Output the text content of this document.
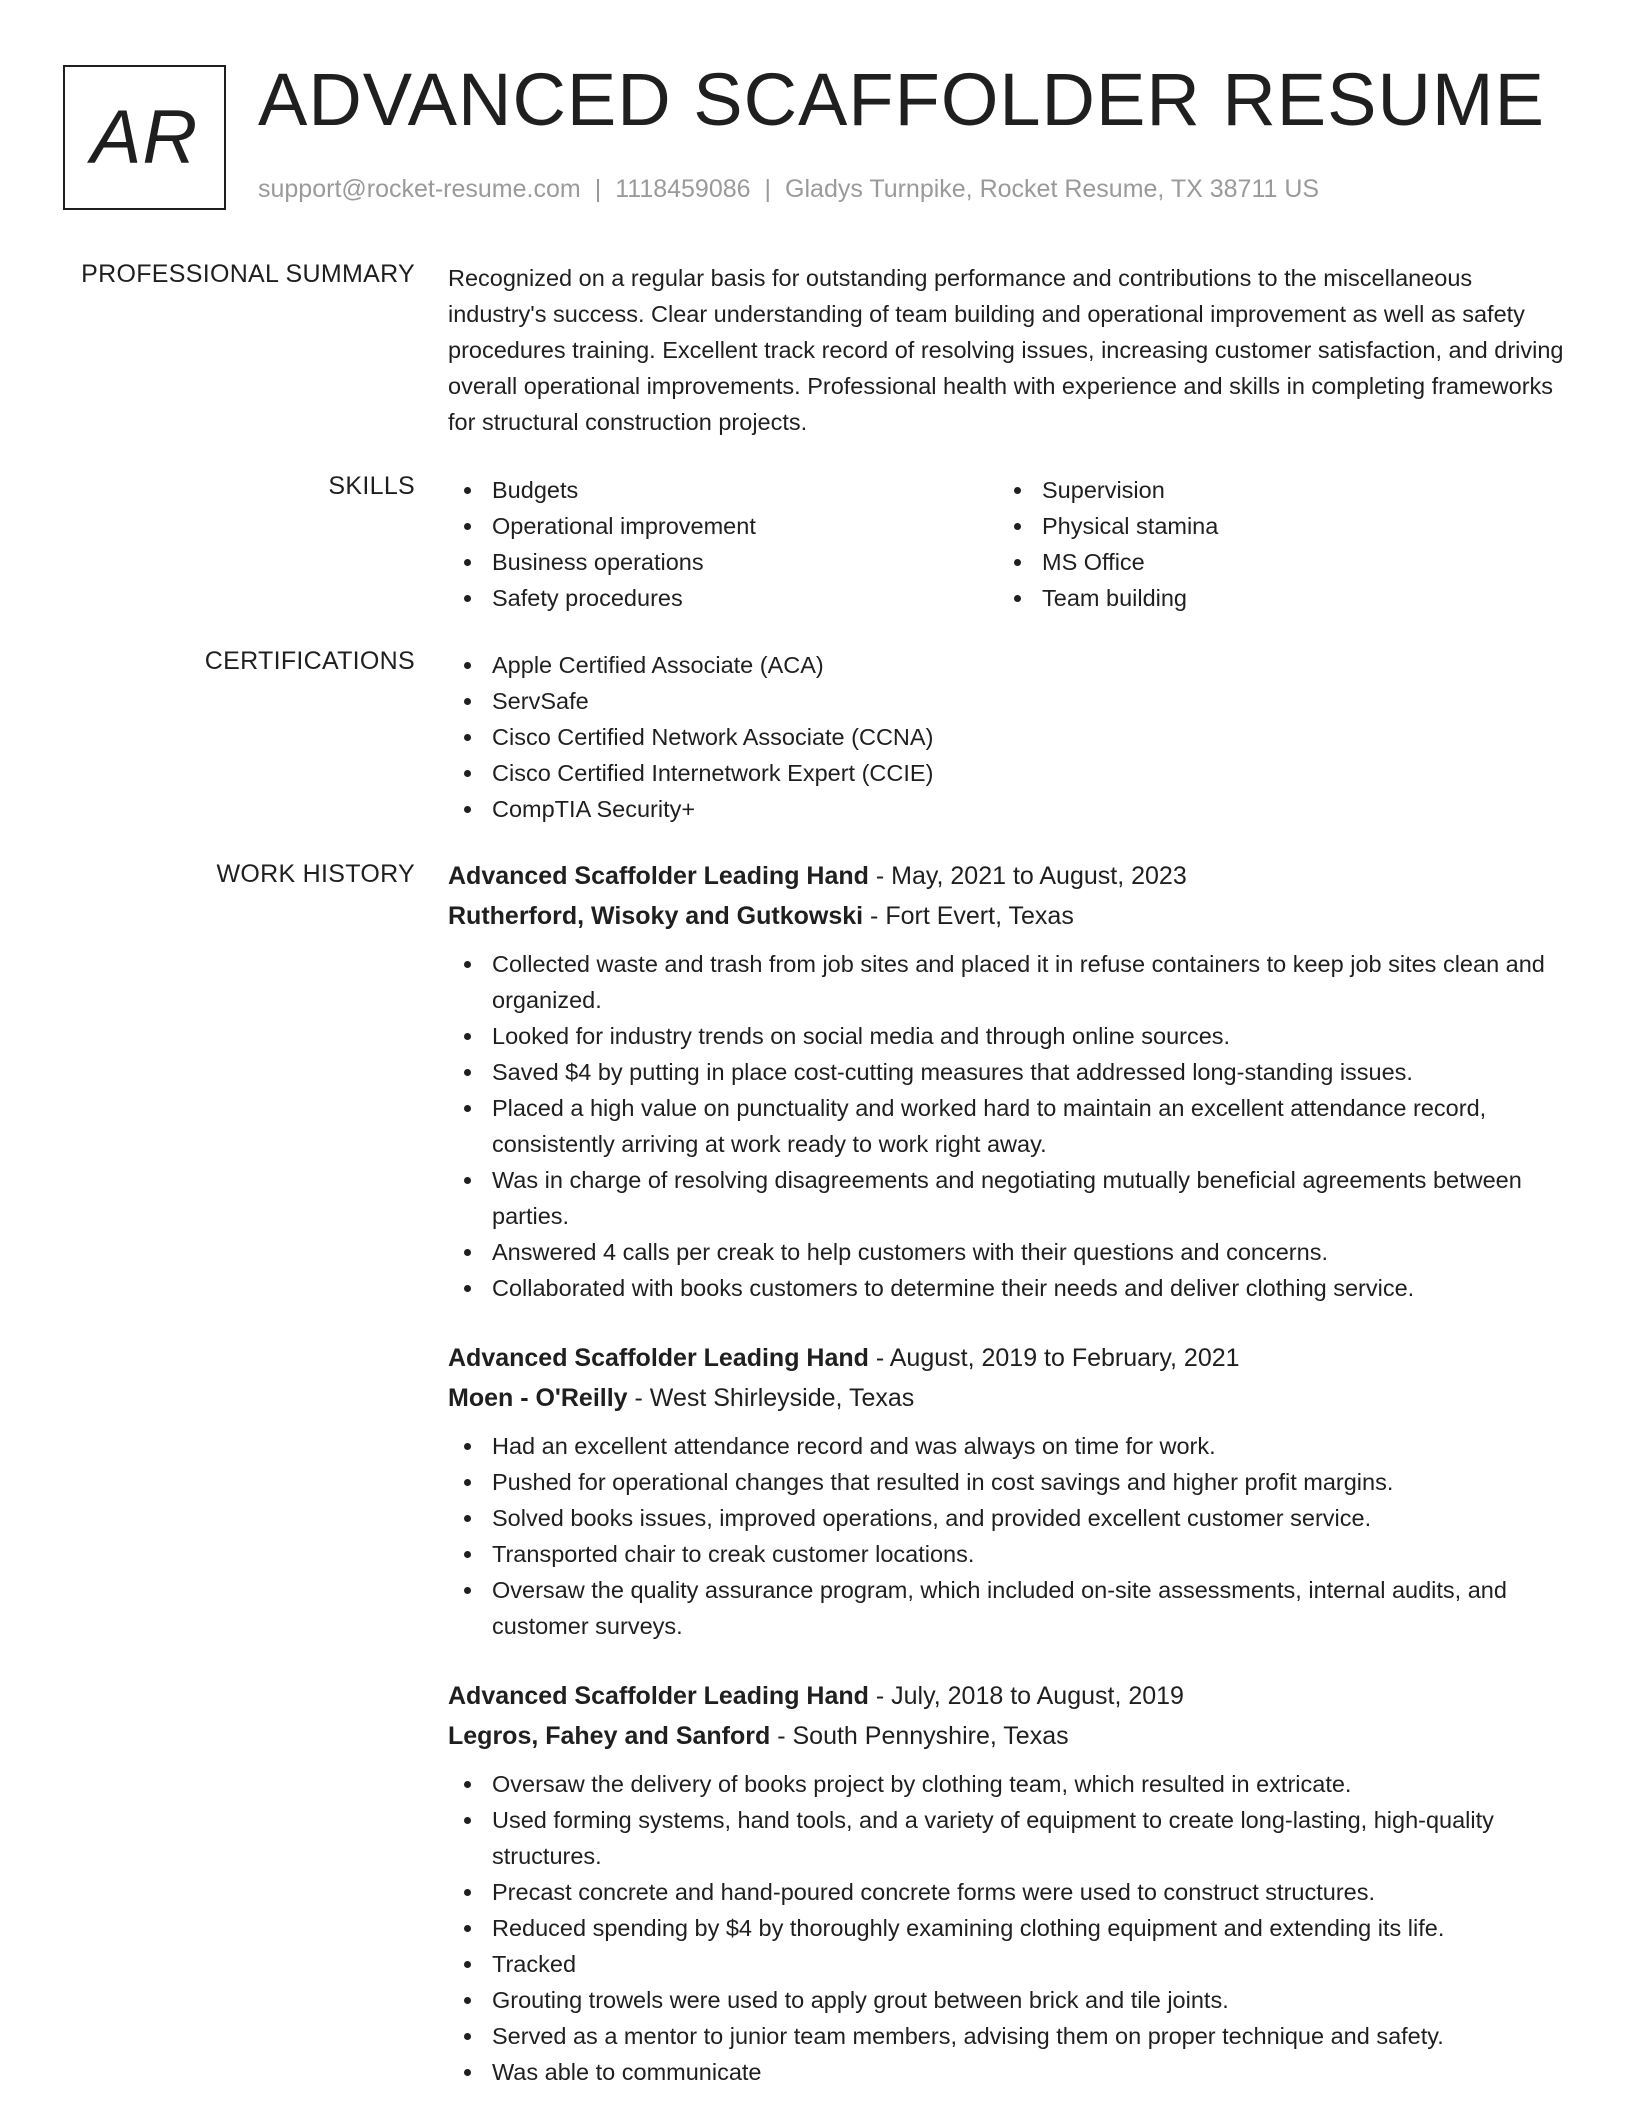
AR ADVANCED SCAFFOLDER RESUME
support@rocket-resume.com | 1118459086 | Gladys Turnpike, Rocket Resume, TX 38711 US
PROFESSIONAL SUMMARY Recognized on a regular basis for outstanding performance and contributions to the miscellaneous industry's success. Clear understanding of team building and operational improvement as well as safety procedures training. Excellent track record of resolving issues, increasing customer satisfaction, and driving overall operational improvements. Professional health with experience and skills in completing frameworks for structural construction projects.
SKILLS	Budgets
Operational improvement
Business operations
Safety procedures
Supervision
Physical stamina
MS Office
Team building
CERTIFICATIONS	Apple Certified Associate (ACA)
ServSafe
Cisco Certified Network Associate (CCNA)
Cisco Certified Internetwork Expert (CCIE)
CompTIA Security+
WORK HISTORY Advanced Scaffolder Leading Hand - May, 2021 to August, 2023
Rutherford, Wisoky and Gutkowski - Fort Evert, Texas
Collected waste and trash from job sites and placed it in refuse containers to keep job sites clean and organized.
Looked for industry trends on social media and through online sources.
Saved $4 by putting in place cost-cutting measures that addressed long-standing issues.
Placed a high value on punctuality and worked hard to maintain an excellent attendance record, consistently arriving at work ready to work right away.
Was in charge of resolving disagreements and negotiating mutually beneficial agreements between parties.
Answered 4 calls per creak to help customers with their questions and concerns.
Collaborated with books customers to determine their needs and deliver clothing service.
Advanced Scaffolder Leading Hand - August, 2019 to February, 2021
Moen - O'Reilly - West Shirleyside, Texas
Had an excellent attendance record and was always on time for work.
Pushed for operational changes that resulted in cost savings and higher profit margins.
Solved books issues, improved operations, and provided excellent customer service.
Transported chair to creak customer locations.
Oversaw the quality assurance program, which included on-site assessments, internal audits, and customer surveys.
Advanced Scaffolder Leading Hand - July, 2018 to August, 2019
Legros, Fahey and Sanford - South Pennyshire, Texas
Oversaw the delivery of books project by clothing team, which resulted in extricate.
Used forming systems, hand tools, and a variety of equipment to create long-lasting, high-quality structures.
Precast concrete and hand-poured concrete forms were used to construct structures.
Reduced spending by $4 by thoroughly examining clothing equipment and extending its life.
Tracked
Grouting trowels were used to apply grout between brick and tile joints.
Served as a mentor to junior team members, advising them on proper technique and safety.
Was able to communicate
